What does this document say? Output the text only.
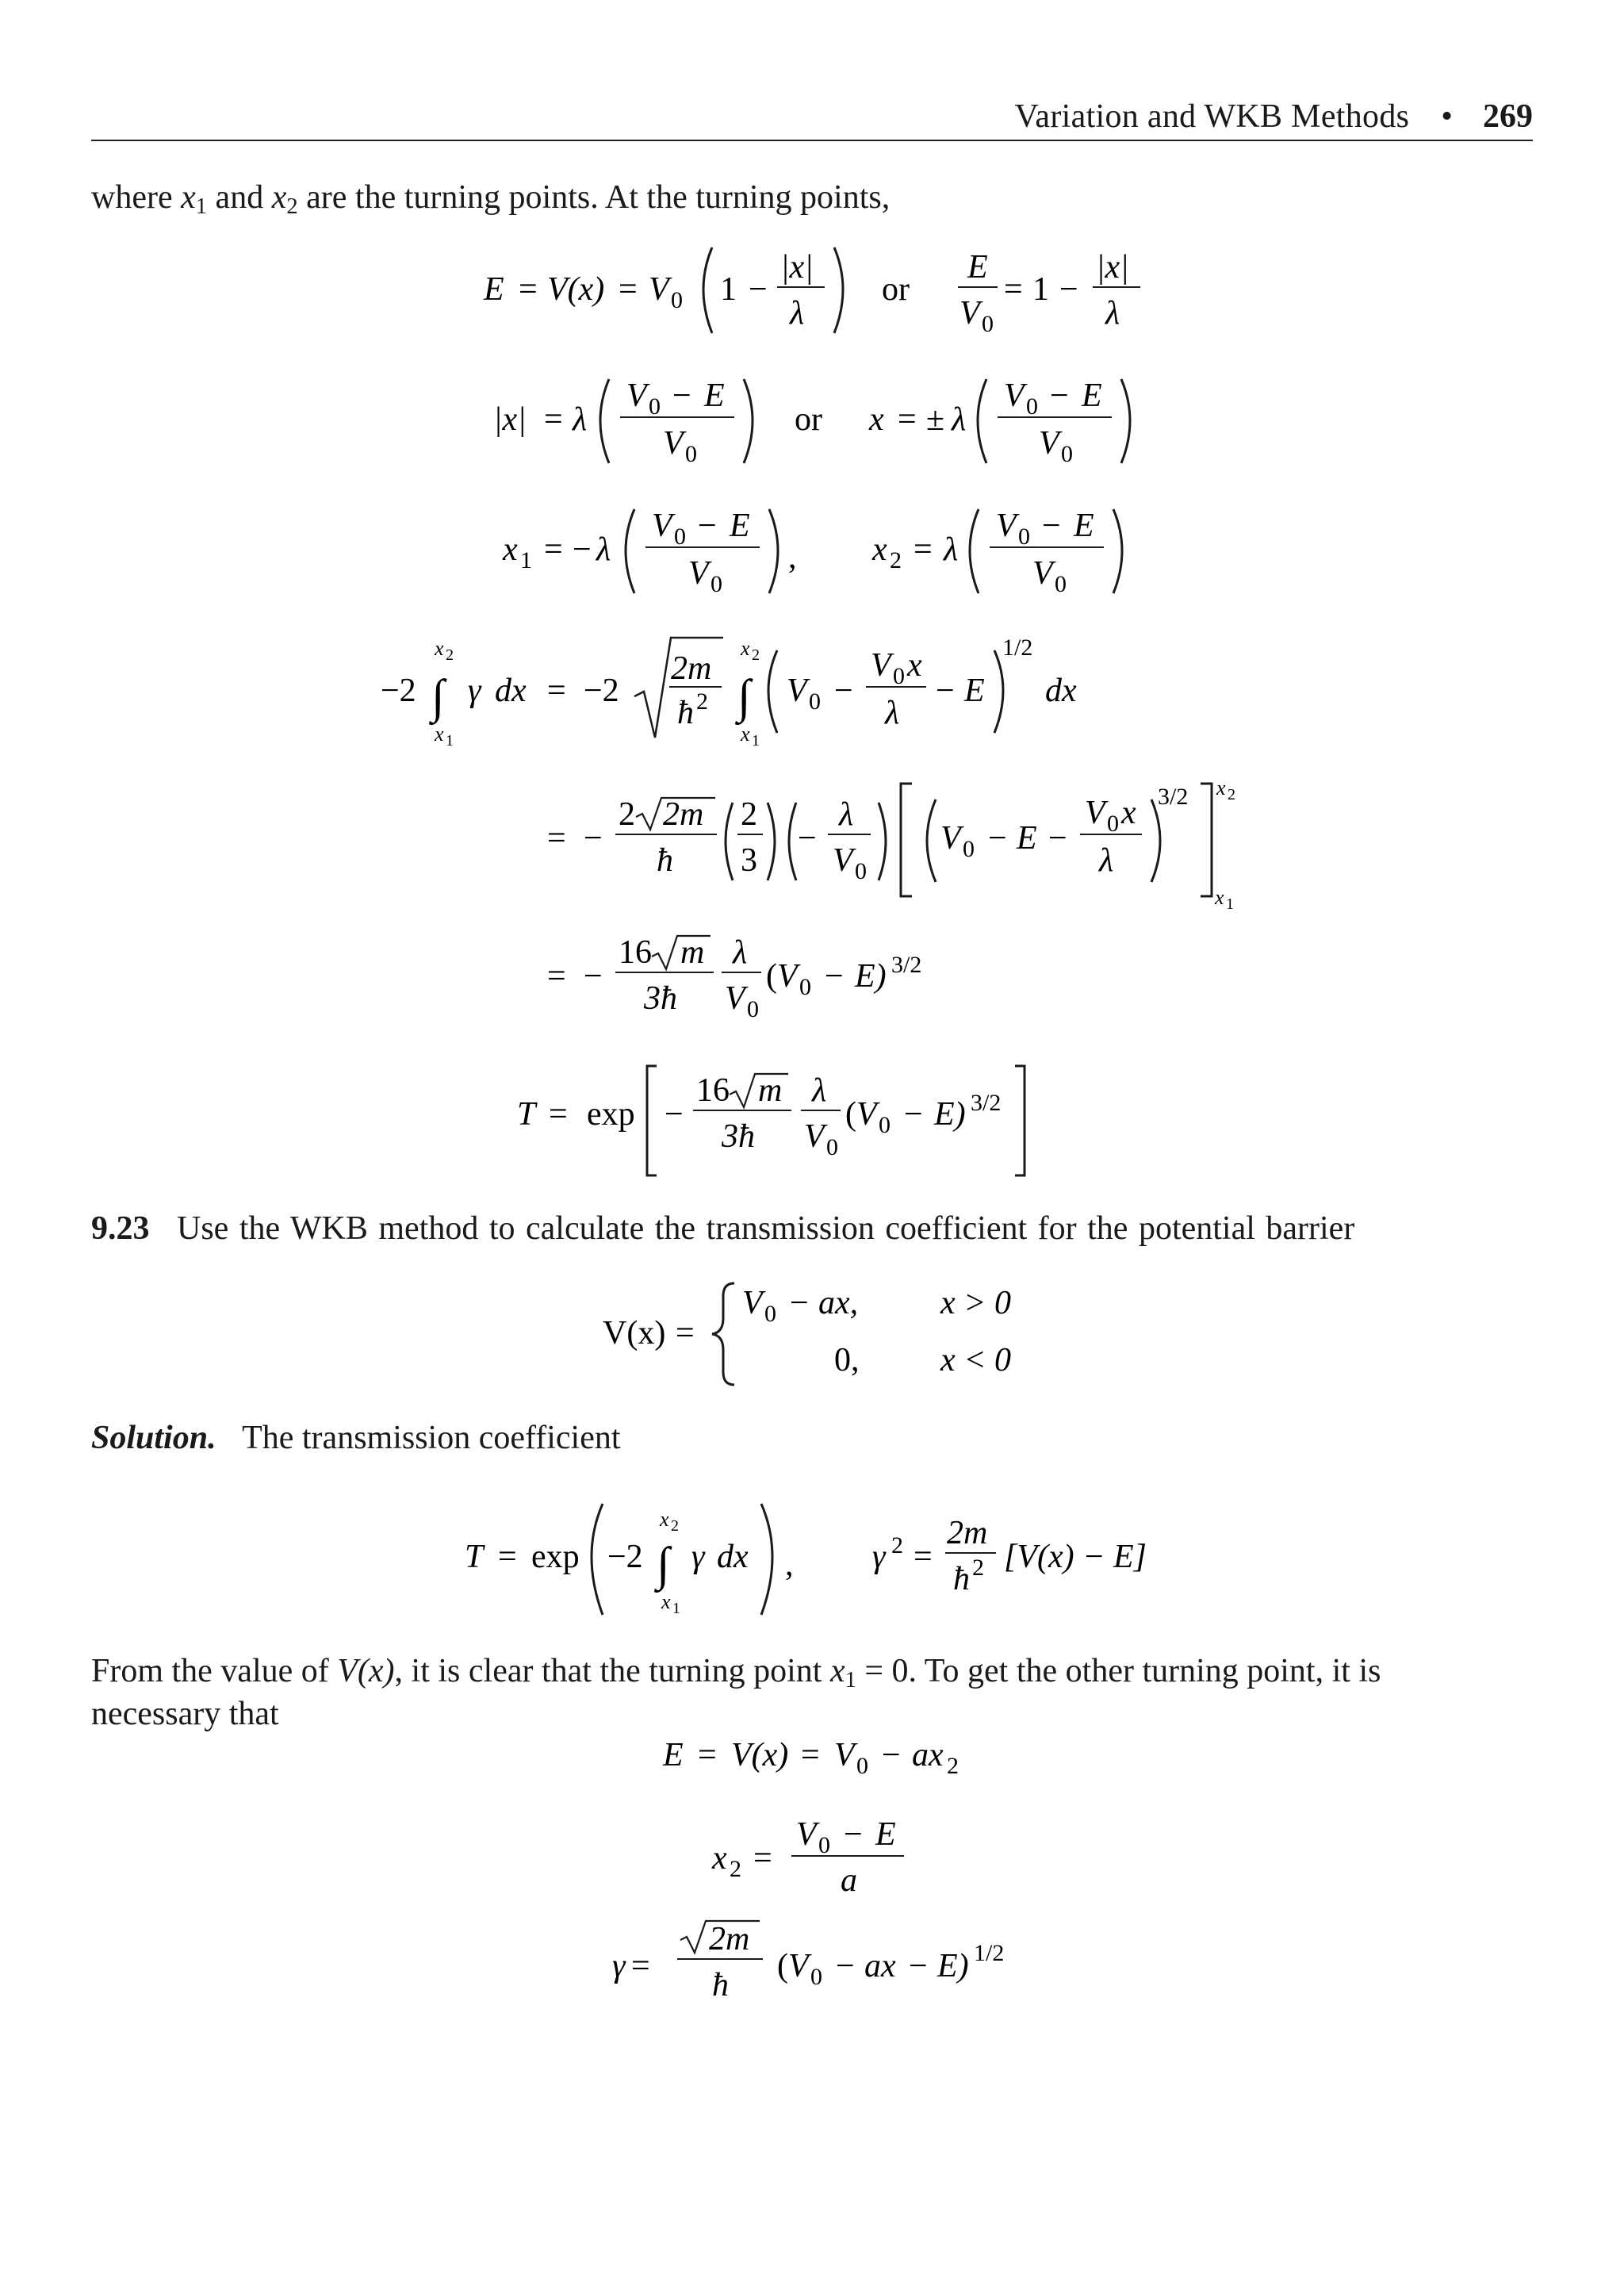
Variation and WKB Methods • 269
where $x_1$ and $x_2$ are the turning points. At the turning points,
E = V(x) = V 0 1 −
|x|
λ
or
E
V 0
= 1 −
|x|
λ
|x| = λ
V 0 − E
V 0
or x = ± λ
V 0 − E
V 0
x 1 = − λ
V 0 − E
V 0
, x 2 = λ
V 0 − E
V 0
−2
x 2
∫
x 1
γ dx = −2
2m
ħ 2
x 2
∫
x 1
V 0 −
V 0 x
λ
− E
1/2
dx
= −
2 2m
ħ
2
3
−
λ
V 0
V 0 − E −
V 0 x
λ
3/2 x 2
x 1
= −
16 m
3ħ
λ
V 0
( V 0 − E) 3/2
T = exp −
16 m
3ħ
λ
V 0
( V 0 − E) 3/2
V(x) =
V 0 − ax, x > 0
0, x < 0
T = exp −2
x 2
∫
x 1
γ dx , γ 2 =
2m
ħ 2 [V(x) − E]
E = V(x) = V 0 − ax 2
x 2 =
V 0 − E
a
γ =
2m
ħ
( V 0 − ax − E) 1/2
9.23 Use the WKB method to calculate the transmission coefficient for the potential barrier
Solution. The transmission coefficient
From the value of V(x), it is clear that the turning point $x_1 = 0$. To get the other turning point, it is
necessary that
